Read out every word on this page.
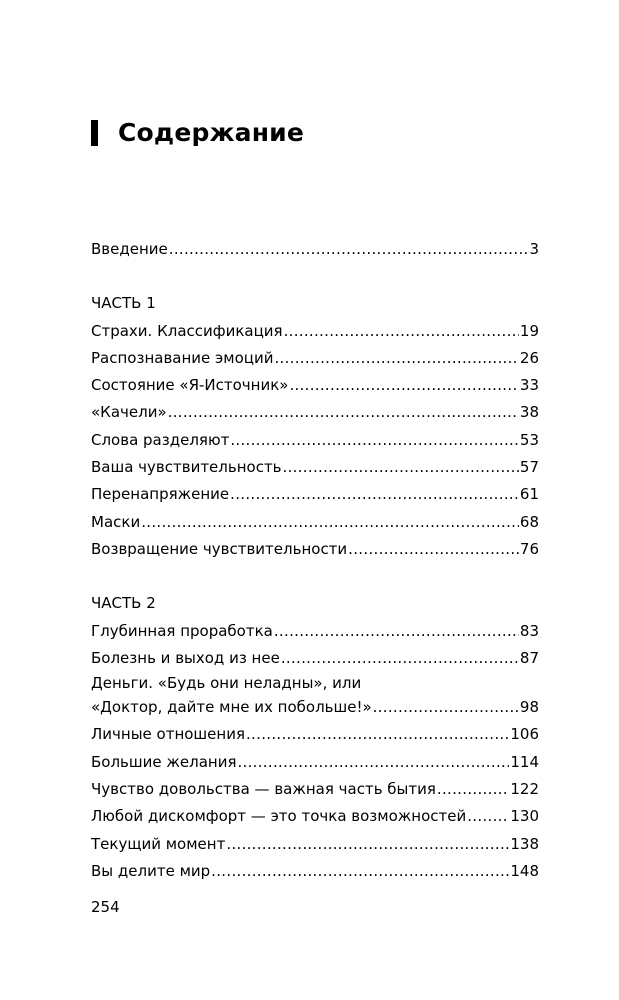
Содержание
Введение .....	3
ЧАСТЬ 1
Страхи. Классификация .....	19
Распознавание эмоций .....	26
Состояние «Я-Источник» .....	33
«Качели» .....	38
Слова разделяют .....	53
Ваша чувствительность .....	57
Перенапряжение .....	61
Маски .....	68
Возвращение чувствительности .....	76
ЧАСТЬ 2
Глубинная проработка .....	83
Болезнь и выход из нее .....	87
Деньги. «Будь они неладны», или
«Доктор, дайте мне их побольше!» .....	98
Личные отношения .....	106
Большие желания .....	114
Чувство довольства — важная часть бытия .....	122
Любой дискомфорт — это точка возможностей .....	130
Текущий момент .....	138
Вы делите мир .....	148
254
